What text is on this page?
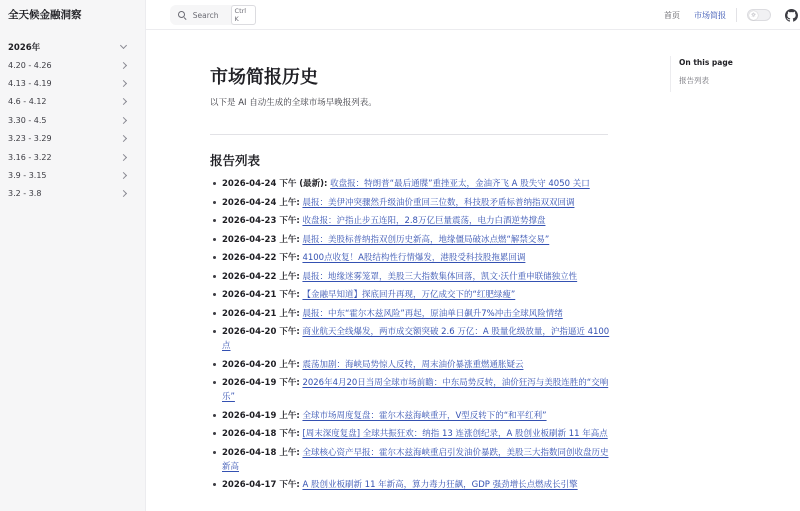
全天候金融洞察
2026年
4.20 - 4.26
4.13 - 4.19
4.6 - 4.12
3.30 - 4.5
3.23 - 3.29
3.16 - 3.22
3.9 - 3.15
3.2 - 3.8
Search	Ctrl K	首页 市场简报	☼
市场简报历史

以下是 AI 自动生成的全球市场早晚报列表。

报告列表
2026-04-24 下午 (最新): 收盘报：特朗普“最后通牒”重挫亚太，金油齐飞 A 股失守 4050 关口
2026-04-24 上午: 晨报：美伊冲突骤然升级油价重回三位数，科技股矛盾标普纳指双双回调
2026-04-23 下午: 收盘报：沪指止步五连阳，2.8万亿巨量震荡，电力白酒逆势撑盘
2026-04-23 上午: 晨报：美股标普纳指双创历史新高，地缘僵局破冰点燃“解禁交易”
2026-04-22 下午: 4100点收复！A股结构性行情爆发，港股受科技股拖累回调
2026-04-22 上午: 晨报：地缘迷雾笼罩，美股三大指数集体回落，凯文·沃什重申联储独立性
2026-04-21 下午: 【金融早知道】探底回升再现，万亿成交下的“红肥绿瘦”
2026-04-21 上午: 晨报：中东“霍尔木兹风险”再起，原油单日飙升7%冲击全球风险情绪
2026-04-20 下午: 商业航天全线爆发，两市成交额突破 2.6 万亿：A 股量化级放量，沪指逼近 4100 点
2026-04-20 上午: 震荡加剧：海峡局势惊人反转，周末油价暴涨重燃通胀疑云
2026-04-19 下午: 2026年4月20日当周全球市场前瞻：中东局势反转，油价狂泻与美股连胜的“交响乐”
2026-04-19 上午: 全球市场周度复盘：霍尔木兹海峡重开，V型反转下的“和平红利”
2026-04-18 下午: [周末深度复盘] 全球共振狂欢：纳指 13 连涨创纪录，A 股创业板刷新 11 年高点
2026-04-18 上午: 全球核心资产早报：霍尔木兹海峡重启引发油价暴跌，美股三大指数同创收盘历史新高
2026-04-17 下午: A 股创业板刷新 11 年新高，算力毒力狂飙，GDP 强劲增长点燃成长引擎
On this page
报告列表
